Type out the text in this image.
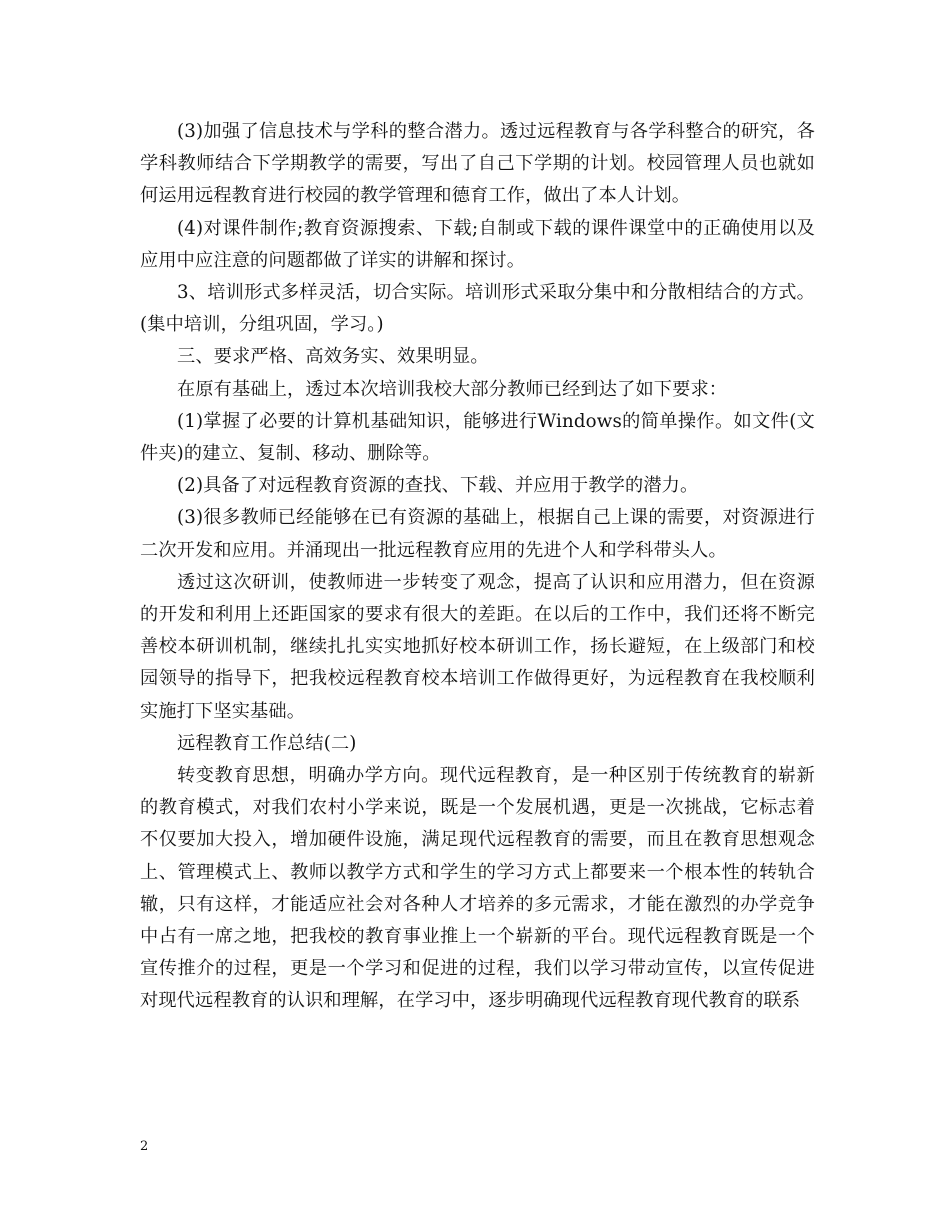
(3)加强了信息技术与学科的整合潜力。透过远程教育与各学科整合的研究，各学科教师结合下学期教学的需要，写出了自己下学期的计划。校园管理人员也就如何运用远程教育进行校园的教学管理和德育工作，做出了本人计划。

(4)对课件制作;教育资源搜索、下载;自制或下载的课件课堂中的正确使用以及应用中应注意的问题都做了详实的讲解和探讨。

3、培训形式多样灵活，切合实际。培训形式采取分集中和分散相结合的方式。(集中培训，分组巩固，学习。)

三、要求严格、高效务实、效果明显。

在原有基础上，透过本次培训我校大部分教师已经到达了如下要求：

(1)掌握了必要的计算机基础知识，能够进行Windows的简单操作。如文件(文件夹)的建立、复制、移动、删除等。

(2)具备了对远程教育资源的查找、下载、并应用于教学的潜力。

(3)很多教师已经能够在已有资源的基础上，根据自己上课的需要，对资源进行二次开发和应用。并涌现出一批远程教育应用的先进个人和学科带头人。

透过这次研训，使教师进一步转变了观念，提高了认识和应用潜力，但在资源的开发和利用上还距国家的要求有很大的差距。在以后的工作中，我们还将不断完善校本研训机制，继续扎扎实实地抓好校本研训工作，扬长避短，在上级部门和校园领导的指导下，把我校远程教育校本培训工作做得更好，为远程教育在我校顺利实施打下坚实基础。

远程教育工作总结(二)

转变教育思想，明确办学方向。现代远程教育，是一种区别于传统教育的崭新的教育模式，对我们农村小学来说，既是一个发展机遇，更是一次挑战，它标志着不仅要加大投入，增加硬件设施，满足现代远程教育的需要，而且在教育思想观念上、管理模式上、教师以教学方式和学生的学习方式上都要来一个根本性的转轨合辙，只有这样，才能适应社会对各种人才培养的多元需求，才能在激烈的办学竞争中占有一席之地，把我校的教育事业推上一个崭新的平台。现代远程教育既是一个宣传推介的过程，更是一个学习和促进的过程，我们以学习带动宣传，以宣传促进对现代远程教育的认识和理解，在学习中，逐步明确现代远程教育现代教育的联系

2
